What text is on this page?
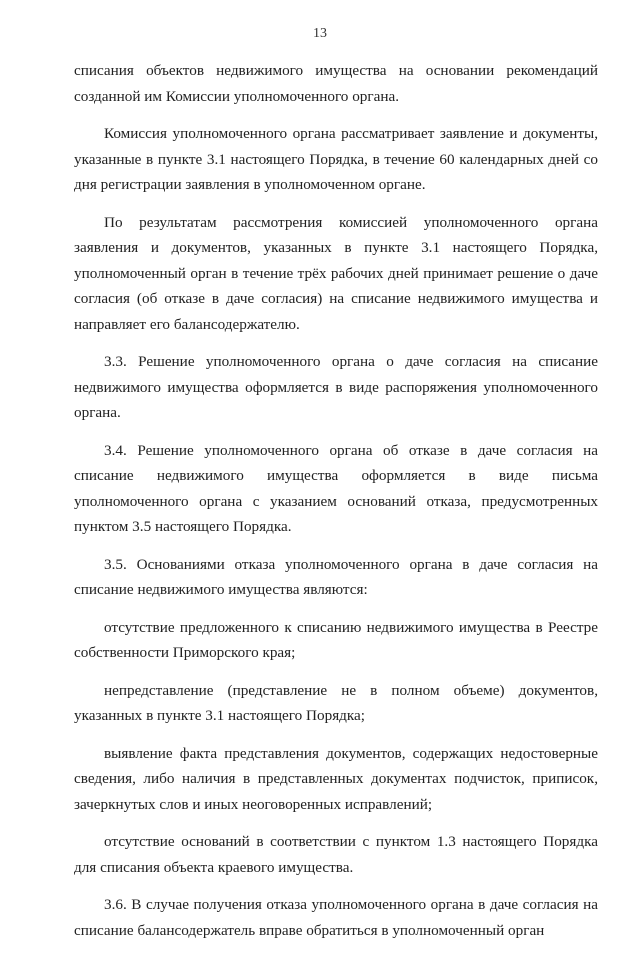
13

списания объектов недвижимого имущества на основании рекомендаций созданной им Комиссии уполномоченного органа.

Комиссия уполномоченного органа рассматривает заявление и документы, указанные в пункте 3.1 настоящего Порядка, в течение 60 календарных дней со дня регистрации заявления в уполномоченном органе.

По результатам рассмотрения комиссией уполномоченного органа заявления и документов, указанных в пункте 3.1 настоящего Порядка, уполномоченный орган в течение трёх рабочих дней принимает решение о даче согласия (об отказе в даче согласия) на списание недвижимого имущества и направляет его балансодержателю.

3.3. Решение уполномоченного органа о даче согласия на списание недвижимого имущества оформляется в виде распоряжения уполномоченного органа.

3.4. Решение уполномоченного органа об отказе в даче согласия на списание недвижимого имущества оформляется в виде письма уполномоченного органа с указанием оснований отказа, предусмотренных пунктом 3.5 настоящего Порядка.

3.5. Основаниями отказа уполномоченного органа в даче согласия на списание недвижимого имущества являются:

отсутствие предложенного к списанию недвижимого имущества в Реестре собственности Приморского края;

непредставление (представление не в полном объеме) документов, указанных в пункте 3.1 настоящего Порядка;

выявление факта представления документов, содержащих недостоверные сведения, либо наличия в представленных документах подчисток, приписок, зачеркнутых слов и иных неоговоренных исправлений;

отсутствие оснований в соответствии с пунктом 1.3 настоящего Порядка для списания объекта краевого имущества.

3.6. В случае получения отказа уполномоченного органа в даче согласия на списание балансодержатель вправе обратиться в уполномоченный орган
